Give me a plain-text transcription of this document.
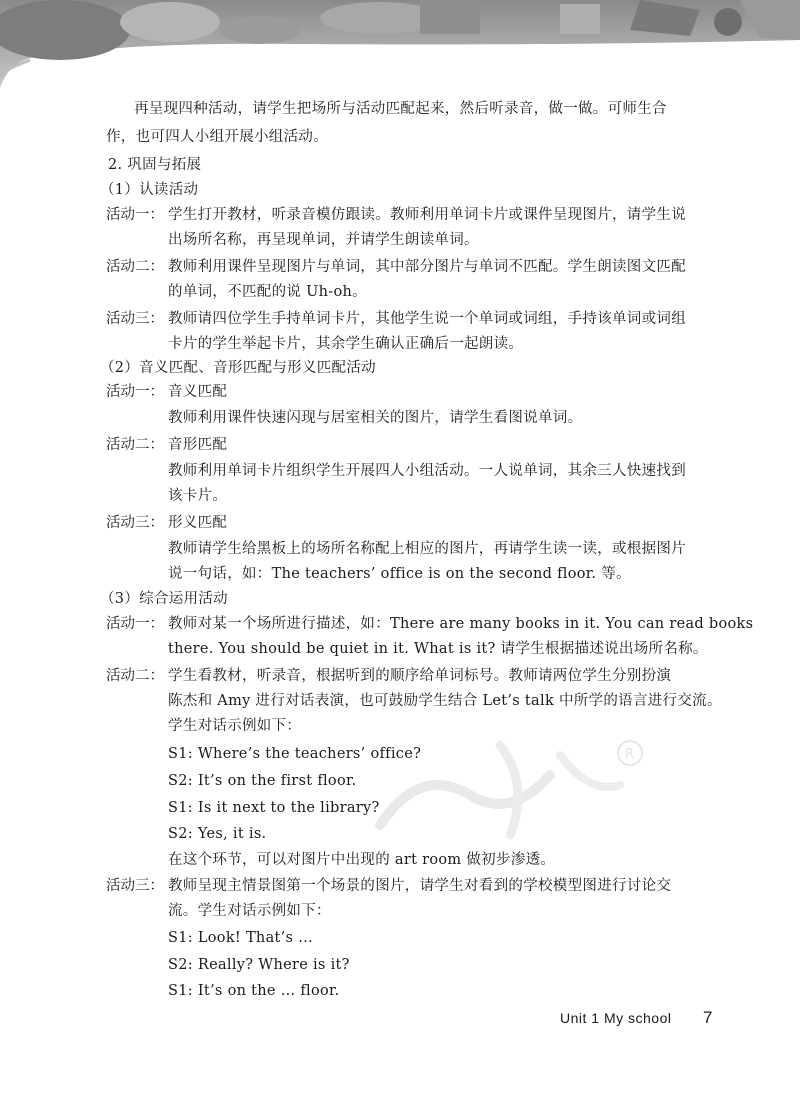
R
再呈现四种活动，请学生把场所与活动匹配起来，然后听录音，做一做。可师生合
作，也可四人小组开展小组活动。
2. 巩固与拓展
（1）认读活动
活动一： 学生打开教材，听录音模仿跟读。教师利用单词卡片或课件呈现图片，请学生说
出场所名称，再呈现单词，并请学生朗读单词。
活动二： 教师利用课件呈现图片与单词，其中部分图片与单词不匹配。学生朗读图文匹配
的单词，不匹配的说 Uh-oh。
活动三： 教师请四位学生手持单词卡片，其他学生说一个单词或词组，手持该单词或词组
卡片的学生举起卡片，其余学生确认正确后一起朗读。
（2）音义匹配、音形匹配与形义匹配活动
活动一： 音义匹配
教师利用课件快速闪现与居室相关的图片，请学生看图说单词。
活动二： 音形匹配
教师利用单词卡片组织学生开展四人小组活动。一人说单词，其余三人快速找到
该卡片。
活动三： 形义匹配
教师请学生给黑板上的场所名称配上相应的图片，再请学生读一读，或根据图片
说一句话，如：The teachers’ office is on the second floor. 等。
（3）综合运用活动
活动一： 教师对某一个场所进行描述，如：There are many books in it. You can read books
there. You should be quiet in it. What is it? 请学生根据描述说出场所名称。
活动二： 学生看教材，听录音，根据听到的顺序给单词标号。教师请两位学生分别扮演
陈杰和 Amy 进行对话表演，也可鼓励学生结合 Let’s talk 中所学的语言进行交流。
学生对话示例如下：
S1: Where’s the teachers’ office?
S2: It’s on the first floor.
S1: Is it next to the library?
S2: Yes, it is.
在这个环节，可以对图片中出现的 art room 做初步渗透。
活动三： 教师呈现主情景图第一个场景的图片，请学生对看到的学校模型图进行讨论交
流。学生对话示例如下：
S1: Look! That’s ...
S2: Really? Where is it?
S1: It’s on the ... floor.
Unit 1 My school 7
